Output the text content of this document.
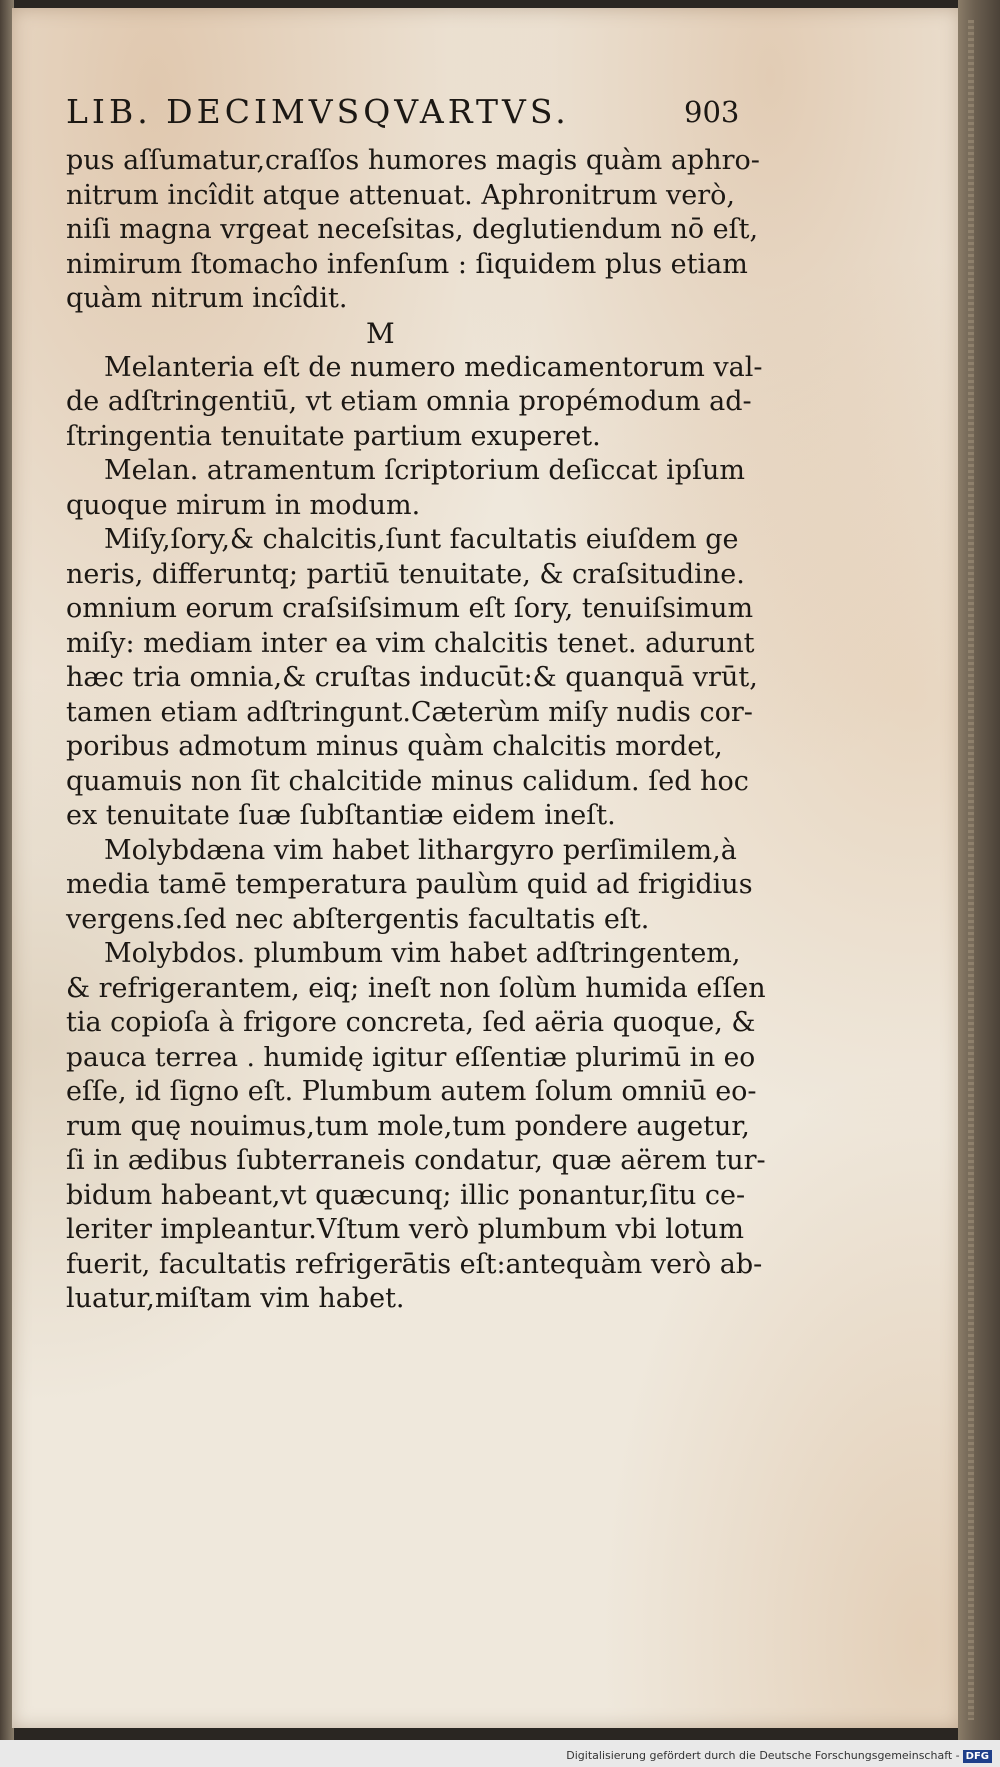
LIB. DECIMVSQVARTVS.	903
pus aſſumatur,craſſos humores magis quàm aphro-
nitrum incîdit atque attenuat. Aphronitrum verò,
niſi magna vrgeat neceſsitas, deglutiendum nō eſt,
nimirum ſtomacho infenſum : ſiquidem plus etiam
quàm nitrum incîdit.
M
Melanteria eſt de numero medicamentorum val-
de adſtringentiū, vt etiam omnia propémodum ad-
ſtringentia tenuitate partium exuperet.
Melan. atramentum ſcriptorium deſiccat ipſum
quoque mirum in modum.
Miſy,ſory,& chalcitis,ſunt facultatis eiuſdem ge
neris, differuntq; partiū tenuitate, & craſsitudine.
omnium eorum craſsiſsimum eſt ſory, tenuiſsimum
miſy: mediam inter ea vim chalcitis tenet. adurunt
hæc tria omnia,& cruſtas inducūt:& quanquā vrūt,
tamen etiam adſtringunt.Cæterùm miſy nudis cor-
poribus admotum minus quàm chalcitis mordet,
quamuis non ſit chalcitide minus calidum. ſed hoc
ex tenuitate ſuæ ſubſtantiæ eidem ineſt.
Molybdæna vim habet lithargyro perſimilem,à
media tamē temperatura paulùm quid ad frigidius
vergens.ſed nec abſtergentis facultatis eſt.
Molybdos. plumbum vim habet adſtringentem,
& refrigerantem, eiq; ineſt non ſolùm humida eſſen
tia copioſa à frigore concreta, ſed aëria quoque, &
pauca terrea . humidę igitur eſſentiæ plurimū in eo
eſſe, id ſigno eſt. Plumbum autem ſolum omniū eo-
rum quę nouimus,tum mole,tum pondere augetur,
ſi in ædibus ſubterraneis condatur, quæ aërem tur-
bidum habeant,vt quæcunq; illic ponantur,ſitu ce-
leriter impleantur.Vſtum verò plumbum vbi lotum
fuerit, facultatis refrigerātis eſt:antequàm verò ab-
luatur,miſtam vim habet.
Digitalisierung gefördert durch die Deutsche Forschungsgemeinschaft - DFG
